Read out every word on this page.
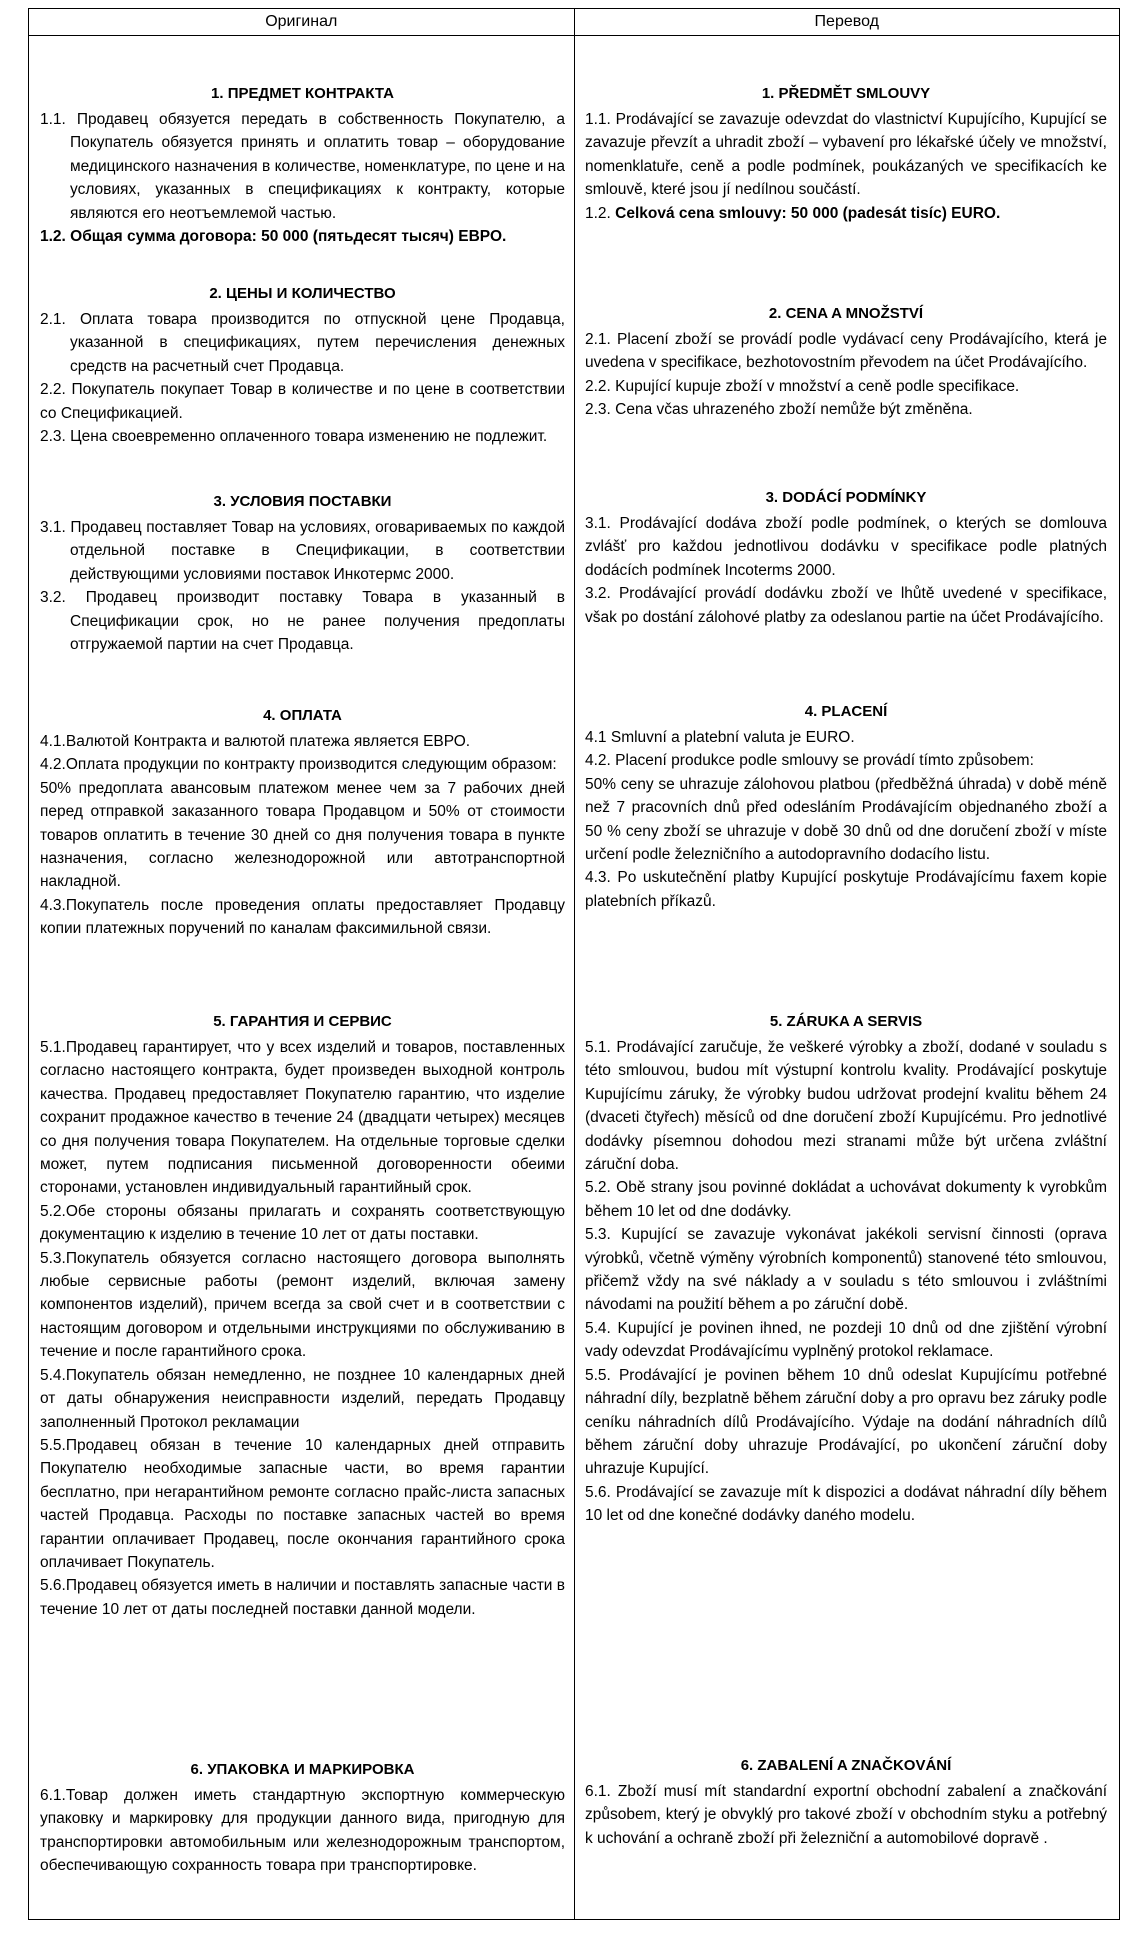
Оригинал	Перевод
1. ПРЕДМЕТ КОНТРАКТА

1.1. Продавец обязуется передать в собственность Покупателю, а Покупатель обязуется принять и оплатить товар – оборудование медицинского назначения в количестве, номенклатуре, по цене и на условиях, указанных в спецификациях к контракту, которые являются его неотъемлемой частью.

1.2. Общая сумма договора: 50 000 (пятьдесят тысяч) ЕВРО.

2. ЦЕНЫ И КОЛИЧЕСТВО

2.1. Оплата товара производится по отпускной цене Продавца, указанной в спецификациях, путем перечисления денежных средств на расчетный счет Продавца.

2.2. Покупатель покупает Товар в количестве и по цене в соответствии со Спецификацией.

2.3. Цена своевременно оплаченного товара изменению не подлежит.

3. УСЛОВИЯ ПОСТАВКИ

3.1. Продавец поставляет Товар на условиях, оговариваемых по каждой отдельной поставке в Спецификации, в соответствии действующими условиями поставок Инкотермс 2000.

3.2. Продавец производит поставку Товара в указанный в Спецификации срок, но не ранее получения предоплаты отгружаемой партии на счет Продавца.

4. ОПЛАТА

4.1.Валютой Контракта и валютой платежа является ЕВРО.

4.2.Оплата продукции по контракту производится следующим образом:

50% предоплата авансовым платежом менее чем за 7 рабочих дней перед отправкой заказанного товара Продавцом и 50% от стоимости товаров оплатить в течение 30 дней со дня получения товара в пункте назначения, согласно железнодорожной или автотранспортной накладной.

4.3.Покупатель после проведения оплаты предоставляет Продавцу копии платежных поручений по каналам факсимильной связи.

5. ГАРАНТИЯ И СЕРВИС

5.1.Продавец гарантирует, что у всех изделий и товаров, поставленных согласно настоящего контракта, будет произведен выходной контроль качества. Продавец предоставляет Покупателю гарантию, что изделие сохранит продажное качество в течение 24 (двадцати четырех) месяцев со дня получения товара Покупателем. На отдельные торговые сделки может, путем подписания письменной договоренности обеими сторонами, установлен индивидуальный гарантийный срок.

5.2.Обе стороны обязаны прилагать и сохранять соответствующую документацию к изделию в течение 10 лет от даты поставки.

5.3.Покупатель обязуется согласно настоящего договора выполнять любые сервисные работы (ремонт изделий, включая замену компонентов изделий), причем всегда за свой счет и в соответствии с настоящим договором и отдельными инструкциями по обслуживанию в течение и после гарантийного срока.

5.4.Покупатель обязан немедленно, не позднее 10 календарных дней от даты обнаружения неисправности изделий, передать Продавцу заполненный Протокол рекламации

5.5.Продавец обязан в течение 10 календарных дней отправить Покупателю необходимые запасные части, во время гарантии бесплатно, при негарантийном ремонте согласно прайс-листа запасных частей Продавца. Расходы по поставке запасных частей во время гарантии оплачивает Продавец, после окончания гарантийного срока оплачивает Покупатель.

5.6.Продавец обязуется иметь в наличии и поставлять запасные части в течение 10 лет от даты последней поставки данной модели.

6. УПАКОВКА И МАРКИРОВКА

6.1.Товар должен иметь стандартную экспортную коммерческую упаковку и маркировку для продукции данного вида, пригодную для транспортировки автомобильным или железнодорожным транспортом, обеспечивающую сохранность товара при транспортировке.

1. PŘEDMĚT SMLOUVY

1.1. Prodávající se zavazuje odevzdat do vlastnictví Kupujícího, Kupující se zavazuje převzít a uhradit zboží – vybavení pro lékařské účely ve množství, nomenklatuře, ceně a podle podmínek, poukázaných ve specifikacích ke smlouvě, které jsou jí nedílnou součástí.

1.2. Celková cena smlouvy: 50 000 (padesát tisíc) EURO.

2. CENA A MNOŽSTVÍ

2.1. Placení zboží se provádí podle vydávací ceny Prodávajícího, která je uvedena v specifikace, bezhotovostním převodem na účet Prodávajícího.

2.2. Kupující kupuje zboží v množství a ceně podle specifikace.

2.3. Cena včas uhrazeného zboží nemůže být změněna.

3. DODÁCÍ PODMÍNKY

3.1. Prodávající dodáva zboží podle podmínek, o kterých se domlouva zvlášť pro každou jednotlivou dodávku v specifikace podle platných dodácích podmínek Incoterms 2000.

3.2. Prodávající provádí dodávku zboží ve lhůtě uvedené v specifikace, však po dostání zálohové platby za odeslanou partie na účet Prodávajícího.

4. PLACENÍ

4.1 Smluvní a platební valuta je EURO.

4.2. Placení produkce podle smlouvy se provádí tímto způsobem:

50% ceny se uhrazuje zálohovou platbou (předběžná úhrada) v době méně než 7 pracovních dnů před odesláním Prodávajícím objednaného zboží a 50 % ceny zboží se uhrazuje v době 30 dnů od dne doručení zboží v míste určení podle železničního a autodopravního dodacího listu.

4.3. Po uskutečnění platby Kupující poskytuje Prodávajícímu faxem kopie platebních příkazů.

5. ZÁRUKA A SERVIS

5.1. Prodávající zaručuje, že veškeré výrobky a zboží, dodané v souladu s této smlouvou, budou mít výstupní kontrolu kvality. Prodávající poskytuje Kupujícímu záruky, že výrobky budou udržovat prodejní kvalitu během 24 (dvaceti čtyřech) měsíců od dne doručení zboží Kupujícému. Pro jednotlivé dodávky písemnou dohodou mezi stranami může být určena zvláštní záruční doba.

5.2. Obě strany jsou povinné dokládat a uchovávat dokumenty k vyrobkům během 10 let od dne dodávky.

5.3. Kupující se zavazuje vykonávat jakékoli servisní činnosti (oprava výrobků, včetně výměny výrobních komponentů) stanovené této smlouvou, přičemž vždy na své náklady a v souladu s této smlouvou i zvláštními návodami na použití během a po záruční době.

5.4. Kupující je povinen ihned, ne pozdeji 10 dnů od dne zjištění výrobní vady odevzdat Prodávajícímu vyplněný protokol reklamace.

5.5. Prodávající je povinen během 10 dnů odeslat Kupujícímu potřebné náhradní díly, bezplatně během záruční doby a pro opravu bez záruky podle ceníku náhradních dílů Prodávajícího. Výdaje na dodání náhradních dílů během záruční doby uhrazuje Prodávající, po ukončení záruční doby uhrazuje Kupující.

5.6. Prodávající se zavazuje mít k dispozici a dodávat náhradní díly během 10 let od dne konečné dodávky daného modelu.

6. ZABALENÍ A ZNAČKOVÁNÍ

6.1. Zboží musí mít standardní exportní obchodní zabalení a značkování způsobem, který je obvyklý pro takové zboží v obchodním styku a potřebný k uchování a ochraně zboží při železniční a automobilové dopravě .
